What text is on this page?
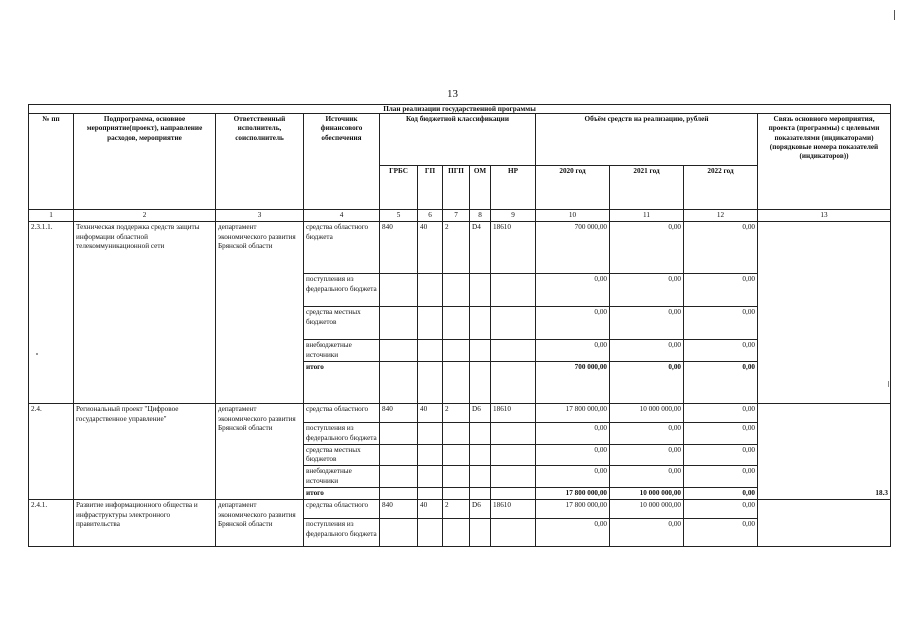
13
План реализации государственной программы												
№ пп	Подпрограмма, основное мероприятие(проект), направление расходов, мероприятие	Ответственный исполнитель, соисполнитель	Источник финансового обеспечения	Код бюджетной классификации					Объём средств на реализацию, рублей			Связь основного мероприятия, проекта (программы) с целевыми показателями (индикаторами) (порядковые номера показателей (индикаторов))
				ГРБС	ГП	ПГП	ОМ	НР	2020 год	2021 год	2022 год	
1	2	3	4	5	6	7	8	9	10	11	12	13
2.3.1.1.	Техническая поддержка средств защиты информации областной телекоммуникационной сети	департамент экономического развития Брянской области	средства областного бюджета	840	40	2	D4	18610	700 000,00	0,00	0,00	
			поступления из федерального бюджета						0,00	0,00	0,00	
			средства местных бюджетов						0,00	0,00	0,00	
			внебюджетные источники						0,00	0,00	0,00	
			итого						700 000,00	0,00	0,00	
2.4.	Региональный проект "Цифровое государственное управление"	департамент экономического развития Брянской области	средства областного	840	40	2	D6	18610	17 800 000,00	10 000 000,00	0,00	18.3
			поступления из федерального бюджета						0,00	0,00	0,00	
			средства местных бюджетов						0,00	0,00	0,00	
			внебюджетные источники						0,00	0,00	0,00	
			итого						17 800 000,00	10 000 000,00	0,00	
2.4.1.	Развитие информационного общества и инфраструктуры электронного правительства	департамент экономического развития Брянской области	средства областного	840	40	2	D6	18610	17 800 000,00	10 000 000,00	0,00	
			поступления из федерального бюджета						0,00	0,00	0,00	
